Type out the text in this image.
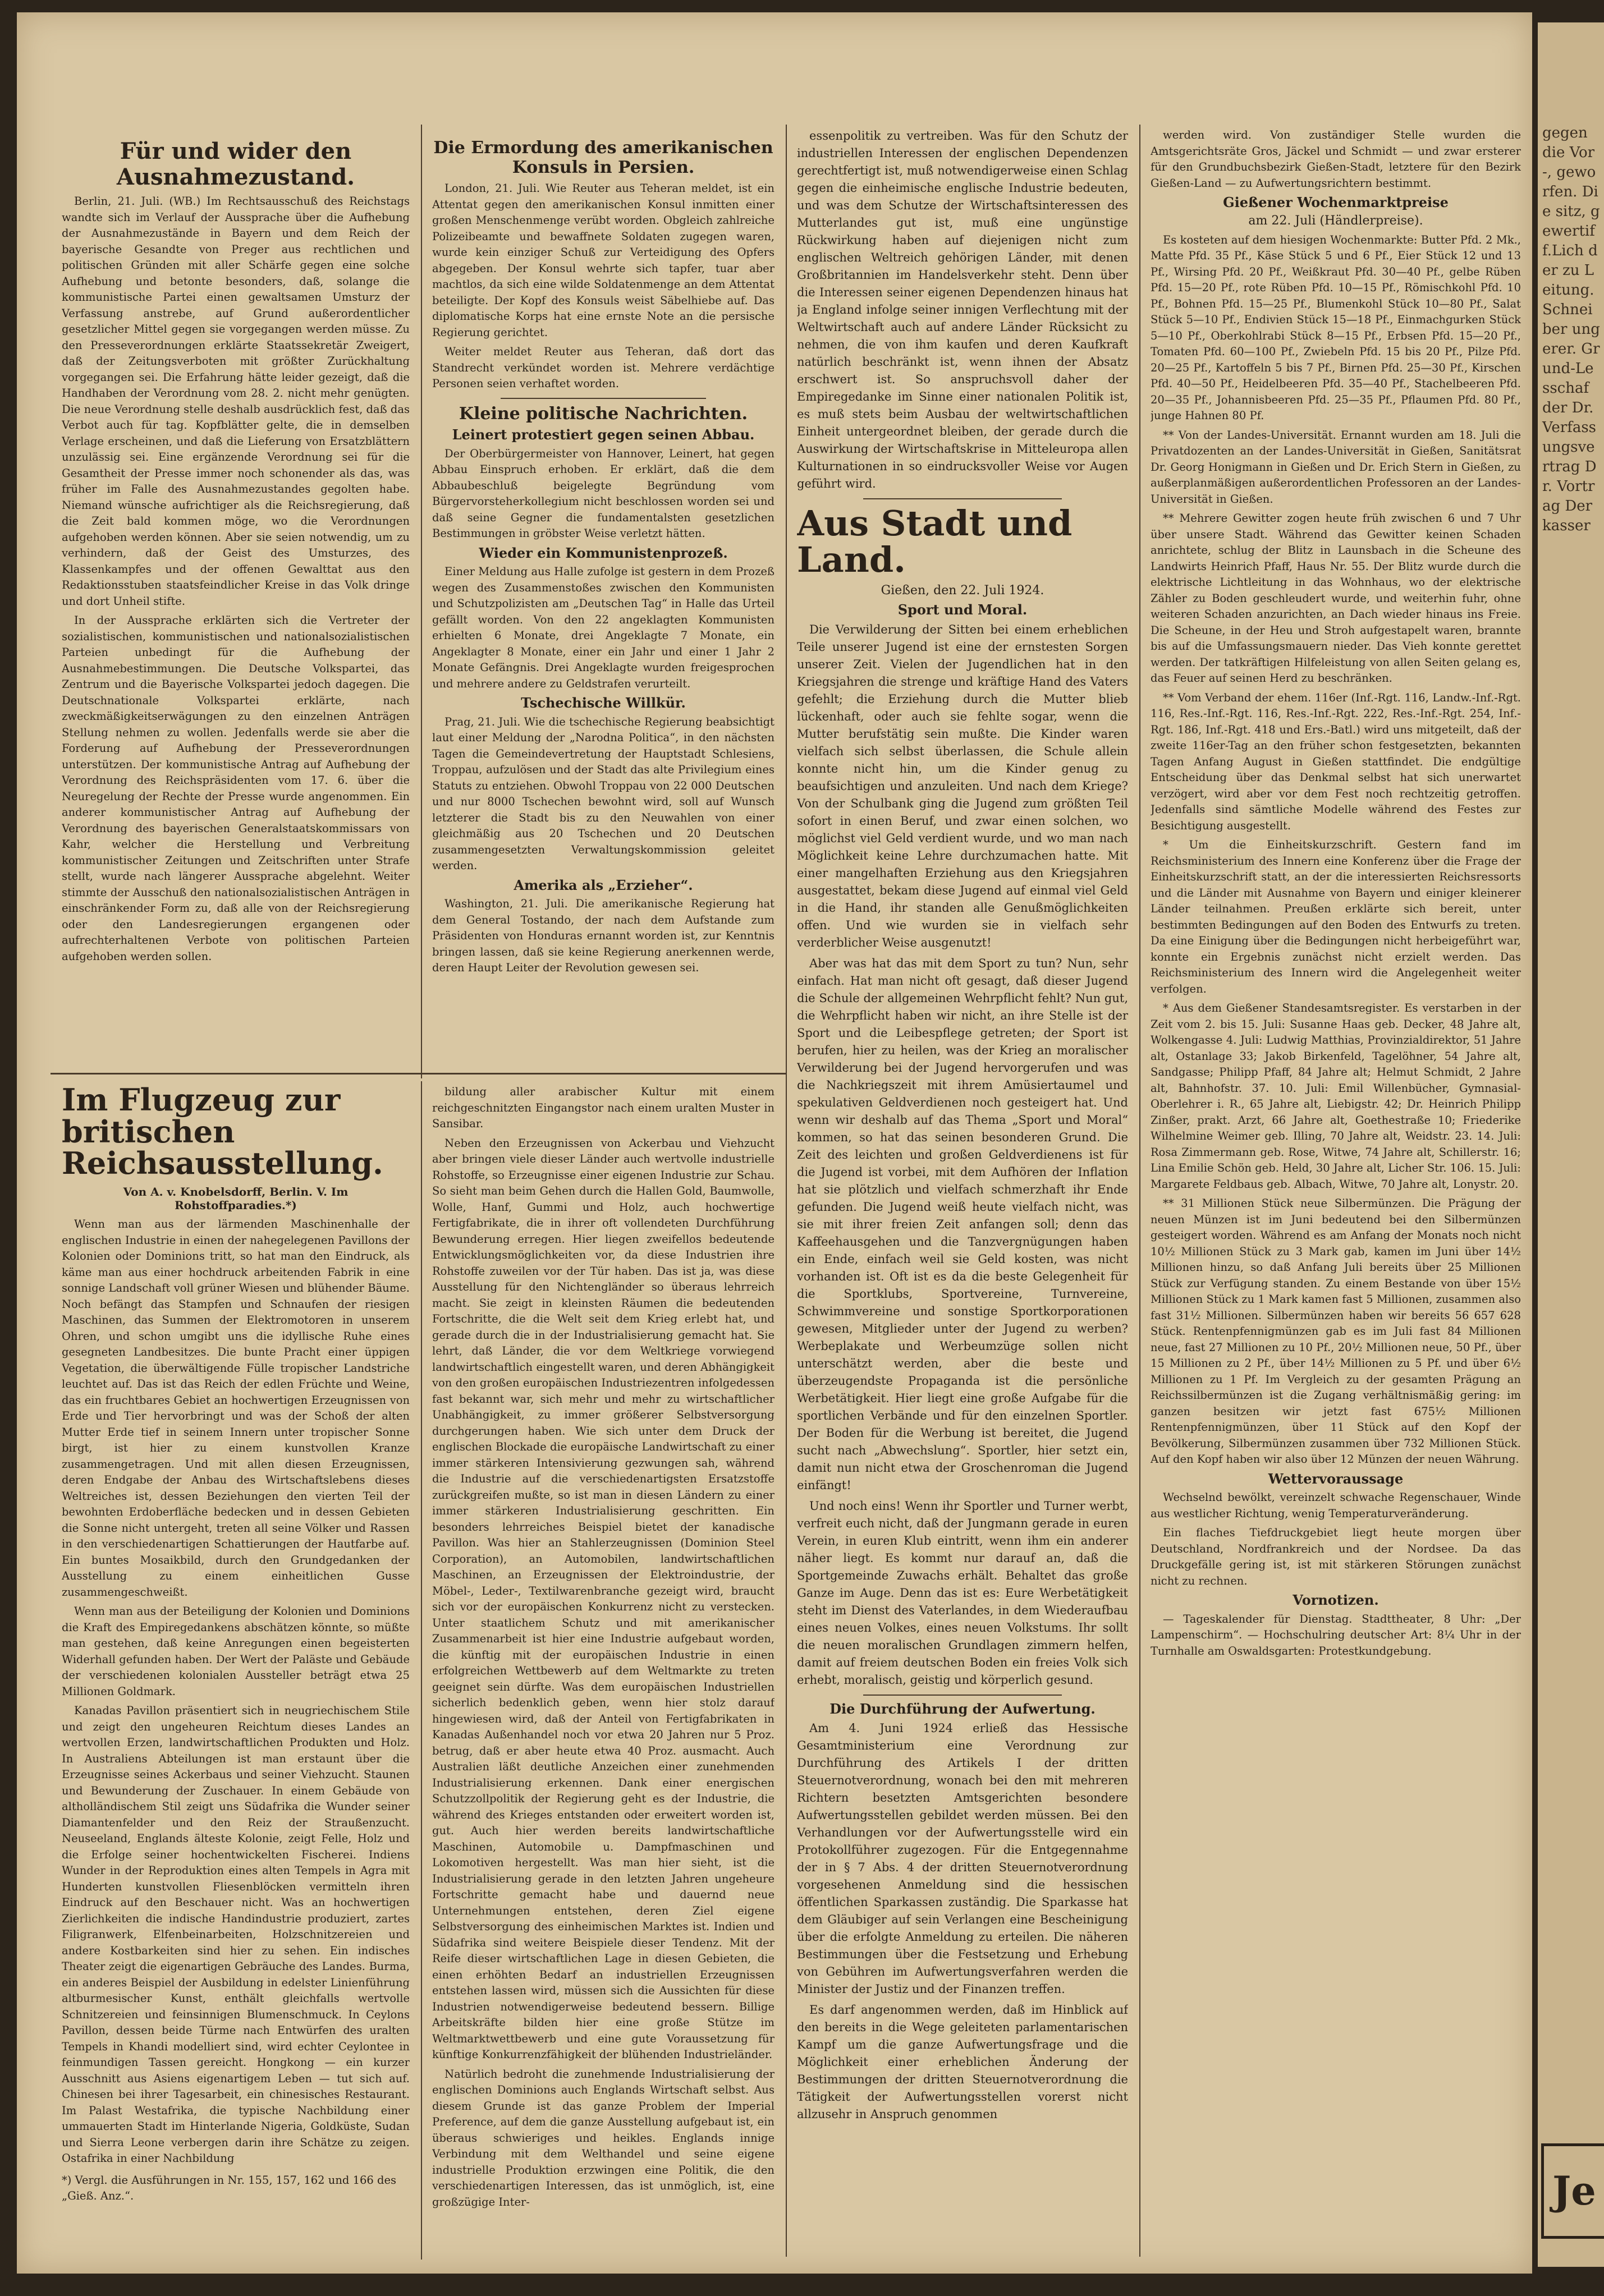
Für und wider den Ausnahmezustand.

Berlin, 21. Juli. (WB.) Im Rechtsausschuß des Reichstags wandte sich im Verlauf der Aussprache über die Aufhebung der Ausnahmezustände in Bayern und dem Reich der bayerische Gesandte von Preger aus rechtlichen und politischen Gründen mit aller Schärfe gegen eine solche Aufhebung und betonte besonders, daß, solange die kommunistische Partei einen gewaltsamen Umsturz der Verfassung anstrebe, auf Grund außerordentlicher gesetzlicher Mittel gegen sie vorgegangen werden müsse. Zu den Presseverordnungen erklärte Staatssekretär Zweigert, daß der Zeitungsverboten mit größter Zurückhaltung vorgegangen sei. Die Erfahrung hätte leider gezeigt, daß die Handhaben der Verordnung vom 28. 2. nicht mehr genügten. Die neue Verordnung stelle deshalb ausdrücklich fest, daß das Verbot auch für tag. Kopfblätter gelte, die in demselben Verlage erscheinen, und daß die Lieferung von Ersatzblättern unzulässig sei. Eine ergänzende Verordnung sei für die Gesamtheit der Presse immer noch schonender als das, was früher im Falle des Ausnahmezustandes gegolten habe. Niemand wünsche aufrichtiger als die Reichsregierung, daß die Zeit bald kommen möge, wo die Verordnungen aufgehoben werden können. Aber sie seien notwendig, um zu verhindern, daß der Geist des Umsturzes, des Klassenkampfes und der offenen Gewalttat aus den Redaktionsstuben staatsfeindlicher Kreise in das Volk dringe und dort Unheil stifte.

In der Aussprache erklärten sich die Vertreter der sozialistischen, kommunistischen und nationalsozialistischen Parteien unbedingt für die Aufhebung der Ausnahmebestimmungen. Die Deutsche Volkspartei, das Zentrum und die Bayerische Volkspartei jedoch dagegen. Die Deutschnationale Volkspartei erklärte, nach zweckmäßigkeitserwägungen zu den einzelnen Anträgen Stellung nehmen zu wollen. Jedenfalls werde sie aber die Forderung auf Aufhebung der Presseverordnungen unterstützen. Der kommunistische Antrag auf Aufhebung der Verordnung des Reichspräsidenten vom 17. 6. über die Neuregelung der Rechte der Presse wurde angenommen. Ein anderer kommunistischer Antrag auf Aufhebung der Verordnung des bayerischen Generalstaatskommissars von Kahr, welcher die Herstellung und Verbreitung kommunistischer Zeitungen und Zeitschriften unter Strafe stellt, wurde nach längerer Aussprache abgelehnt. Weiter stimmte der Ausschuß den nationalsozialistischen Anträgen in einschränkender Form zu, daß alle von der Reichsregierung oder den Landesregierungen ergangenen oder aufrechterhaltenen Verbote von politischen Parteien aufgehoben werden sollen.

Die Ermordung des amerikanischen Konsuls in Persien.

London, 21. Juli. Wie Reuter aus Teheran meldet, ist ein Attentat gegen den amerikanischen Konsul inmitten einer großen Menschenmenge verübt worden. Obgleich zahlreiche Polizeibeamte und bewaffnete Soldaten zugegen waren, wurde kein einziger Schuß zur Verteidigung des Opfers abgegeben. Der Konsul wehrte sich tapfer, tuar aber machtlos, da sich eine wilde Soldatenmenge an dem Attentat beteiligte. Der Kopf des Konsuls weist Säbelhiebe auf. Das diplomatische Korps hat eine ernste Note an die persische Regierung gerichtet.

Weiter meldet Reuter aus Teheran, daß dort das Standrecht verkündet worden ist. Mehrere verdächtige Personen seien verhaftet worden.

Kleine politische Nachrichten.
Leinert protestiert gegen seinen Abbau.

Der Oberbürgermeister von Hannover, Leinert, hat gegen Abbau Einspruch erhoben. Er erklärt, daß die dem Abbaubeschluß beigelegte Begründung vom Bürgervorsteherkollegium nicht beschlossen worden sei und daß seine Gegner die fundamentalsten gesetzlichen Bestimmungen in gröbster Weise verletzt hätten.

Wieder ein Kommunistenprozeß.

Einer Meldung aus Halle zufolge ist gestern in dem Prozeß wegen des Zusammenstoßes zwischen den Kommunisten und Schutzpolizisten am „Deutschen Tag“ in Halle das Urteil gefällt worden. Von den 22 angeklagten Kommunisten erhielten 6 Monate, drei Angeklagte 7 Monate, ein Angeklagter 8 Monate, einer ein Jahr und einer 1 Jahr 2 Monate Gefängnis. Drei Angeklagte wurden freigesprochen und mehrere andere zu Geldstrafen verurteilt.

Tschechische Willkür.

Prag, 21. Juli. Wie die tschechische Regierung beabsichtigt laut einer Meldung der „Narodna Politica“, in den nächsten Tagen die Gemeindevertretung der Hauptstadt Schlesiens, Troppau, aufzulösen und der Stadt das alte Privilegium eines Statuts zu entziehen. Obwohl Troppau von 22 000 Deutschen und nur 8000 Tschechen bewohnt wird, soll auf Wunsch letzterer die Stadt bis zu den Neuwahlen von einer gleichmäßig aus 20 Tschechen und 20 Deutschen zusammengesetzten Verwaltungskommission geleitet werden.

Amerika als „Erzieher“.

Washington, 21. Juli. Die amerikanische Regierung hat dem General Tostando, der nach dem Aufstande zum Präsidenten von Honduras ernannt worden ist, zur Kenntnis bringen lassen, daß sie keine Regierung anerkennen werde, deren Haupt Leiter der Revolution gewesen sei.

essenpolitik zu vertreiben. Was für den Schutz der industriellen Interessen der englischen Dependenzen gerechtfertigt ist, muß notwendigerweise einen Schlag gegen die einheimische englische Industrie bedeuten, und was dem Schutze der Wirtschaftsinteressen des Mutterlandes gut ist, muß eine ungünstige Rückwirkung haben auf diejenigen nicht zum englischen Weltreich gehörigen Länder, mit denen Großbritannien im Handelsverkehr steht. Denn über die Interessen seiner eigenen Dependenzen hinaus hat ja England infolge seiner innigen Verflechtung mit der Weltwirtschaft auch auf andere Länder Rücksicht zu nehmen, die von ihm kaufen und deren Kaufkraft natürlich beschränkt ist, wenn ihnen der Absatz erschwert ist. So anspruchsvoll daher der Empiregedanke im Sinne einer nationalen Politik ist, es muß stets beim Ausbau der weltwirtschaftlichen Einheit untergeordnet bleiben, der gerade durch die Auswirkung der Wirtschaftskrise in Mitteleuropa allen Kulturnationen in so eindrucksvoller Weise vor Augen geführt wird.

Aus Stadt und Land.
Gießen, den 22. Juli 1924.
Sport und Moral.

Die Verwilderung der Sitten bei einem erheblichen Teile unserer Jugend ist eine der ernstesten Sorgen unserer Zeit. Vielen der Jugendlichen hat in den Kriegsjahren die strenge und kräftige Hand des Vaters gefehlt; die Erziehung durch die Mutter blieb lückenhaft, oder auch sie fehlte sogar, wenn die Mutter berufstätig sein mußte. Die Kinder waren vielfach sich selbst überlassen, die Schule allein konnte nicht hin, um die Kinder genug zu beaufsichtigen und anzuleiten. Und nach dem Kriege? Von der Schulbank ging die Jugend zum größten Teil sofort in einen Beruf, und zwar einen solchen, wo möglichst viel Geld verdient wurde, und wo man nach Möglichkeit keine Lehre durchzumachen hatte. Mit einer mangelhaften Erziehung aus den Kriegsjahren ausgestattet, bekam diese Jugend auf einmal viel Geld in die Hand, ihr standen alle Genußmöglichkeiten offen. Und wie wurden sie in vielfach sehr verderblicher Weise ausgenutzt!

Aber was hat das mit dem Sport zu tun? Nun, sehr einfach. Hat man nicht oft gesagt, daß dieser Jugend die Schule der allgemeinen Wehrpflicht fehlt? Nun gut, die Wehrpflicht haben wir nicht, an ihre Stelle ist der Sport und die Leibespflege getreten; der Sport ist berufen, hier zu heilen, was der Krieg an moralischer Verwilderung bei der Jugend hervorgerufen und was die Nachkriegszeit mit ihrem Amüsiertaumel und spekulativen Geldverdienen noch gesteigert hat. Und wenn wir deshalb auf das Thema „Sport und Moral“ kommen, so hat das seinen besonderen Grund. Die Zeit des leichten und großen Geldverdienens ist für die Jugend ist vorbei, mit dem Aufhören der Inflation hat sie plötzlich und vielfach schmerzhaft ihr Ende gefunden. Die Jugend weiß heute vielfach nicht, was sie mit ihrer freien Zeit anfangen soll; denn das Kaffeehausgehen und die Tanzvergnügungen haben ein Ende, einfach weil sie Geld kosten, was nicht vorhanden ist. Oft ist es da die beste Gelegenheit für die Sportklubs, Sportvereine, Turnvereine, Schwimmvereine und sonstige Sportkorporationen gewesen, Mitglieder unter der Jugend zu werben? Werbeplakate und Werbeumzüge sollen nicht unterschätzt werden, aber die beste und überzeugendste Propaganda ist die persönliche Werbetätigkeit. Hier liegt eine große Aufgabe für die sportlichen Verbände und für den einzelnen Sportler. Der Boden für die Werbung ist bereitet, die Jugend sucht nach „Abwechslung“. Sportler, hier setzt ein, damit nun nicht etwa der Groschenroman die Jugend einfängt!

Und noch eins! Wenn ihr Sportler und Turner werbt, verfreit euch nicht, daß der Jungmann gerade in euren Verein, in euren Klub eintritt, wenn ihm ein anderer näher liegt. Es kommt nur darauf an, daß die Sportgemeinde Zuwachs erhält. Behaltet das große Ganze im Auge. Denn das ist es: Eure Werbetätigkeit steht im Dienst des Vaterlandes, in dem Wiederaufbau eines neuen Volkes, eines neuen Volkstums. Ihr sollt die neuen moralischen Grundlagen zimmern helfen, damit auf freiem deutschen Boden ein freies Volk sich erhebt, moralisch, geistig und körperlich gesund.

Die Durchführung der Aufwertung.

Am 4. Juni 1924 erließ das Hessische Gesamtministerium eine Verordnung zur Durchführung des Artikels I der dritten Steuernotverordnung, wonach bei den mit mehreren Richtern besetzten Amtsgerichten besondere Aufwertungsstellen gebildet werden müssen. Bei den Verhandlungen vor der Aufwertungsstelle wird ein Protokollführer zugezogen. Für die Entgegennahme der in § 7 Abs. 4 der dritten Steuernotverordnung vorgesehenen Anmeldung sind die hessischen öffentlichen Sparkassen zuständig. Die Sparkasse hat dem Gläubiger auf sein Verlangen eine Bescheinigung über die erfolgte Anmeldung zu erteilen. Die näheren Bestimmungen über die Festsetzung und Erhebung von Gebühren im Aufwertungsverfahren werden die Minister der Justiz und der Finanzen treffen.

Es darf angenommen werden, daß im Hinblick auf den bereits in die Wege geleiteten parlamentarischen Kampf um die ganze Aufwertungsfrage und die Möglichkeit einer erheblichen Änderung der Bestimmungen der dritten Steuernotverordnung die Tätigkeit der Aufwertungsstellen vorerst nicht allzusehr in Anspruch genommen

werden wird. Von zuständiger Stelle wurden die Amtsgerichtsräte Gros, Jäckel und Schmidt — und zwar ersterer für den Grundbuchsbezirk Gießen-Stadt, letztere für den Bezirk Gießen-Land — zu Aufwertungsrichtern bestimmt.

Gießener Wochenmarktpreise
am 22. Juli (Händlerpreise).

Es kosteten auf dem hiesigen Wochenmarkte: Butter Pfd. 2 Mk., Matte Pfd. 35 Pf., Käse Stück 5 und 6 Pf., Eier Stück 12 und 13 Pf., Wirsing Pfd. 20 Pf., Weißkraut Pfd. 30—40 Pf., gelbe Rüben Pfd. 15—20 Pf., rote Rüben Pfd. 10—15 Pf., Römischkohl Pfd. 10 Pf., Bohnen Pfd. 15—25 Pf., Blumenkohl Stück 10—80 Pf., Salat Stück 5—10 Pf., Endivien Stück 15—18 Pf., Einmachgurken Stück 5—10 Pf., Oberkohlrabi Stück 8—15 Pf., Erbsen Pfd. 15—20 Pf., Tomaten Pfd. 60—100 Pf., Zwiebeln Pfd. 15 bis 20 Pf., Pilze Pfd. 20—25 Pf., Kartoffeln 5 bis 7 Pf., Birnen Pfd. 25—30 Pf., Kirschen Pfd. 40—50 Pf., Heidelbeeren Pfd. 35—40 Pf., Stachelbeeren Pfd. 20—35 Pf., Johannisbeeren Pfd. 25—35 Pf., Pflaumen Pfd. 80 Pf., junge Hahnen 80 Pf.

** Von der Landes-Universität. Ernannt wurden am 18. Juli die Privatdozenten an der Landes-Universität in Gießen, Sanitätsrat Dr. Georg Honigmann in Gießen und Dr. Erich Stern in Gießen, zu außerplanmäßigen außerordentlichen Professoren an der Landes-Universität in Gießen.

** Mehrere Gewitter zogen heute früh zwischen 6 und 7 Uhr über unsere Stadt. Während das Gewitter keinen Schaden anrichtete, schlug der Blitz in Launsbach in die Scheune des Landwirts Heinrich Pfaff, Haus Nr. 55. Der Blitz wurde durch die elektrische Lichtleitung in das Wohnhaus, wo der elektrische Zähler zu Boden geschleudert wurde, und weiterhin fuhr, ohne weiteren Schaden anzurichten, an Dach wieder hinaus ins Freie. Die Scheune, in der Heu und Stroh aufgestapelt waren, brannte bis auf die Umfassungsmauern nieder. Das Vieh konnte gerettet werden. Der tatkräftigen Hilfeleistung von allen Seiten gelang es, das Feuer auf seinen Herd zu beschränken.

** Vom Verband der ehem. 116er (Inf.-Rgt. 116, Landw.-Inf.-Rgt. 116, Res.-Inf.-Rgt. 116, Res.-Inf.-Rgt. 222, Res.-Inf.-Rgt. 254, Inf.-Rgt. 186, Inf.-Rgt. 418 und Ers.-Batl.) wird uns mitgeteilt, daß der zweite 116er-Tag an den früher schon festgesetzten, bekannten Tagen Anfang August in Gießen stattfindet. Die endgültige Entscheidung über das Denkmal selbst hat sich unerwartet verzögert, wird aber vor dem Fest noch rechtzeitig getroffen. Jedenfalls sind sämtliche Modelle während des Festes zur Besichtigung ausgestellt.

* Um die Einheitskurzschrift. Gestern fand im Reichsministerium des Innern eine Konferenz über die Frage der Einheitskurzschrift statt, an der die interessierten Reichsressorts und die Länder mit Ausnahme von Bayern und einiger kleinerer Länder teilnahmen. Preußen erklärte sich bereit, unter bestimmten Bedingungen auf den Boden des Entwurfs zu treten. Da eine Einigung über die Bedingungen nicht herbeigeführt war, konnte ein Ergebnis zunächst nicht erzielt werden. Das Reichsministerium des Innern wird die Angelegenheit weiter verfolgen.

* Aus dem Gießener Standesamtsregister. Es verstarben in der Zeit vom 2. bis 15. Juli: Susanne Haas geb. Decker, 48 Jahre alt, Wolkengasse 4. Juli: Ludwig Matthias, Provinzialdirektor, 51 Jahre alt, Ostanlage 33; Jakob Birkenfeld, Tagelöhner, 54 Jahre alt, Sandgasse; Philipp Pfaff, 84 Jahre alt; Helmut Schmidt, 2 Jahre alt, Bahnhofstr. 37. 10. Juli: Emil Willenbücher, Gymnasial-Oberlehrer i. R., 65 Jahre alt, Liebigstr. 42; Dr. Heinrich Philipp Zinßer, prakt. Arzt, 66 Jahre alt, Goethestraße 10; Friederike Wilhelmine Weimer geb. Illing, 70 Jahre alt, Weidstr. 23. 14. Juli: Rosa Zimmermann geb. Rose, Witwe, 74 Jahre alt, Schillerstr. 16; Lina Emilie Schön geb. Held, 30 Jahre alt, Licher Str. 106. 15. Juli: Margarete Feldbaus geb. Albach, Witwe, 70 Jahre alt, Lonystr. 20.

** 31 Millionen Stück neue Silbermünzen. Die Prägung der neuen Münzen ist im Juni bedeutend bei den Silbermünzen gesteigert worden. Während es am Anfang der Monats noch nicht 10½ Millionen Stück zu 3 Mark gab, kamen im Juni über 14½ Millionen hinzu, so daß Anfang Juli bereits über 25 Millionen Stück zur Verfügung standen. Zu einem Bestande von über 15½ Millionen Stück zu 1 Mark kamen fast 5 Millionen, zusammen also fast 31½ Millionen. Silbermünzen haben wir bereits 56 657 628 Stück. Rentenpfennigmünzen gab es im Juli fast 84 Millionen neue, fast 27 Millionen zu 10 Pf., 20½ Millionen neue, 50 Pf., über 15 Millionen zu 2 Pf., über 14½ Millionen zu 5 Pf. und über 6½ Millionen zu 1 Pf. Im Vergleich zu der gesamten Prägung an Reichssilbermünzen ist die Zugang verhältnismäßig gering: im ganzen besitzen wir jetzt fast 675½ Millionen Rentenpfennigmünzen, über 11 Stück auf den Kopf der Bevölkerung, Silbermünzen zusammen über 732 Millionen Stück. Auf den Kopf haben wir also über 12 Münzen der neuen Währung.

Wettervoraussage

Wechselnd bewölkt, vereinzelt schwache Regenschauer, Winde aus westlicher Richtung, wenig Temperaturveränderung.

Ein flaches Tiefdruckgebiet liegt heute morgen über Deutschland, Nordfrankreich und der Nordsee. Da das Druckgefälle gering ist, ist mit stärkeren Störungen zunächst nicht zu rechnen.

Vornotizen.

— Tageskalender für Dienstag. Stadttheater, 8 Uhr: „Der Lampenschirm“. — Hochschulring deutscher Art: 8¼ Uhr in der Turnhalle am Oswaldsgarten: Protestkundgebung.

Im Flugzeug zur britischen Reichsausstellung.
Von A. v. Knobelsdorff, Berlin. V. Im Rohstoffparadies.*)

Wenn man aus der lärmenden Maschinenhalle der englischen Industrie in einen der nahegelegenen Pavillons der Kolonien oder Dominions tritt, so hat man den Eindruck, als käme man aus einer hochdruck arbeitenden Fabrik in eine sonnige Landschaft voll grüner Wiesen und blühender Bäume. Noch befängt das Stampfen und Schnaufen der riesigen Maschinen, das Summen der Elektromotoren in unserem Ohren, und schon umgibt uns die idyllische Ruhe eines gesegneten Landbesitzes. Die bunte Pracht einer üppigen Vegetation, die überwältigende Fülle tropischer Landstriche leuchtet auf. Das ist das Reich der edlen Früchte und Weine, das ein fruchtbares Gebiet an hochwertigen Erzeugnissen von Erde und Tier hervorbringt und was der Schoß der alten Mutter Erde tief in seinem Innern unter tropischer Sonne birgt, ist hier zu einem kunstvollen Kranze zusammengetragen. Und mit allen diesen Erzeugnissen, deren Endgabe der Anbau des Wirtschaftslebens dieses Weltreiches ist, dessen Beziehungen den vierten Teil der bewohnten Erdoberfläche bedecken und in dessen Gebieten die Sonne nicht untergeht, treten all seine Völker und Rassen in den verschiedenartigen Schattierungen der Hautfarbe auf. Ein buntes Mosaikbild, durch den Grundgedanken der Ausstellung zu einem einheitlichen Gusse zusammengeschweißt.

Wenn man aus der Beteiligung der Kolonien und Dominions die Kraft des Empiregedankens abschätzen könnte, so müßte man gestehen, daß keine Anregungen einen begeisterten Widerhall gefunden haben. Der Wert der Paläste und Gebäude der verschiedenen kolonialen Aussteller beträgt etwa 25 Millionen Goldmark.

Kanadas Pavillon präsentiert sich in neugriechischem Stile und zeigt den ungeheuren Reichtum dieses Landes an wertvollen Erzen, landwirtschaftlichen Produkten und Holz. In Australiens Abteilungen ist man erstaunt über die Erzeugnisse seines Ackerbaus und seiner Viehzucht. Staunen und Bewunderung der Zuschauer. In einem Gebäude von altholländischem Stil zeigt uns Südafrika die Wunder seiner Diamantenfelder und den Reiz der Straußenzucht. Neuseeland, Englands älteste Kolonie, zeigt Felle, Holz und die Erfolge seiner hochentwickelten Fischerei. Indiens Wunder in der Reproduktion eines alten Tempels in Agra mit Hunderten kunstvollen Fliesenblöcken vermitteln ihren Eindruck auf den Beschauer nicht. Was an hochwertigen Zierlichkeiten die indische Handindustrie produziert, zartes Filigranwerk, Elfenbeinarbeiten, Holzschnitzereien und andere Kostbarkeiten sind hier zu sehen. Ein indisches Theater zeigt die eigenartigen Gebräuche des Landes. Burma, ein anderes Beispiel der Ausbildung in edelster Linienführung altburmesischer Kunst, enthält gleichfalls wertvolle Schnitzereien und feinsinnigen Blumenschmuck. In Ceylons Pavillon, dessen beide Türme nach Entwürfen des uralten Tempels in Khandi modelliert sind, wird echter Ceylontee in feinmundigen Tassen gereicht. Hongkong — ein kurzer Ausschnitt aus Asiens eigenartigem Leben — tut sich auf. Chinesen bei ihrer Tagesarbeit, ein chinesisches Restaurant. Im Palast Westafrika, die typische Nachbildung einer ummauerten Stadt im Hinterlande Nigeria, Goldküste, Sudan und Sierra Leone verbergen darin ihre Schätze zu zeigen. Ostafrika in einer Nachbildung

*) Vergl. die Ausführungen in Nr. 155, 157, 162 und 166 des „Gieß. Anz.“.

bildung aller arabischer Kultur mit einem reichgeschnitzten Eingangstor nach einem uralten Muster in Sansibar.

Neben den Erzeugnissen von Ackerbau und Viehzucht aber bringen viele dieser Länder auch wertvolle industrielle Rohstoffe, so Erzeugnisse einer eigenen Industrie zur Schau. So sieht man beim Gehen durch die Hallen Gold, Baumwolle, Wolle, Hanf, Gummi und Holz, auch hochwertige Fertigfabrikate, die in ihrer oft vollendeten Durchführung Bewunderung erregen. Hier liegen zweifellos bedeutende Entwicklungsmöglichkeiten vor, da diese Industrien ihre Rohstoffe zuweilen vor der Tür haben. Das ist ja, was diese Ausstellung für den Nichtengländer so überaus lehrreich macht. Sie zeigt in kleinsten Räumen die bedeutenden Fortschritte, die die Welt seit dem Krieg erlebt hat, und gerade durch die in der Industrialisierung gemacht hat. Sie lehrt, daß Länder, die vor dem Weltkriege vorwiegend landwirtschaftlich eingestellt waren, und deren Abhängigkeit von den großen europäischen Industriezentren infolgedessen fast bekannt war, sich mehr und mehr zu wirtschaftlicher Unabhängigkeit, zu immer größerer Selbstversorgung durchgerungen haben. Wie sich unter dem Druck der englischen Blockade die europäische Landwirtschaft zu einer immer stärkeren Intensivierung gezwungen sah, während die Industrie auf die verschiedenartigsten Ersatzstoffe zurückgreifen mußte, so ist man in diesen Ländern zu einer immer stärkeren Industrialisierung geschritten. Ein besonders lehrreiches Beispiel bietet der kanadische Pavillon. Was hier an Stahlerzeugnissen (Dominion Steel Corporation), an Automobilen, landwirtschaftlichen Maschinen, an Erzeugnissen der Elektroindustrie, der Möbel-, Leder-, Textilwarenbranche gezeigt wird, braucht sich vor der europäischen Konkurrenz nicht zu verstecken. Unter staatlichem Schutz und mit amerikanischer Zusammenarbeit ist hier eine Industrie aufgebaut worden, die künftig mit der europäischen Industrie in einen erfolgreichen Wettbewerb auf dem Weltmarkte zu treten geeignet sein dürfte. Was dem europäischen Industriellen sicherlich bedenklich geben, wenn hier stolz darauf hingewiesen wird, daß der Anteil von Fertigfabrikaten in Kanadas Außenhandel noch vor etwa 20 Jahren nur 5 Proz. betrug, daß er aber heute etwa 40 Proz. ausmacht. Auch Australien läßt deutliche Anzeichen einer zunehmenden Industrialisierung erkennen. Dank einer energischen Schutzzollpolitik der Regierung geht es der Industrie, die während des Krieges entstanden oder erweitert worden ist, gut. Auch hier werden bereits landwirtschaftliche Maschinen, Automobile u. Dampfmaschinen und Lokomotiven hergestellt. Was man hier sieht, ist die Industrialisierung gerade in den letzten Jahren ungeheure Fortschritte gemacht habe und dauernd neue Unternehmungen entstehen, deren Ziel eigene Selbstversorgung des einheimischen Marktes ist. Indien und Südafrika sind weitere Beispiele dieser Tendenz. Mit der Reife dieser wirtschaftlichen Lage in diesen Gebieten, die einen erhöhten Bedarf an industriellen Erzeugnissen entstehen lassen wird, müssen sich die Aussichten für diese Industrien notwendigerweise bedeutend bessern. Billige Arbeitskräfte bilden hier eine große Stütze im Weltmarktwettbewerb und eine gute Voraussetzung für künftige Konkurrenzfähigkeit der blühenden Industrieländer.

Natürlich bedroht die zunehmende Industrialisierung der englischen Dominions auch Englands Wirtschaft selbst. Aus diesem Grunde ist das ganze Problem der Imperial Preference, auf dem die ganze Ausstellung aufgebaut ist, ein überaus schwieriges und heikles. Englands innige Verbindung mit dem Welthandel und seine eigene industrielle Produktion erzwingen eine Politik, die den verschiedenartigen Interessen, das ist unmöglich, ist, eine großzügige Inter-

gegen die Vor-, geworfen. Die sitz, gewertiff.Lich der zu Leitung. Schneiber ungerer. Grund-Lesschaf der Dr. Verfassungsvertrag Dr. Vortrag Der kasser
Je
